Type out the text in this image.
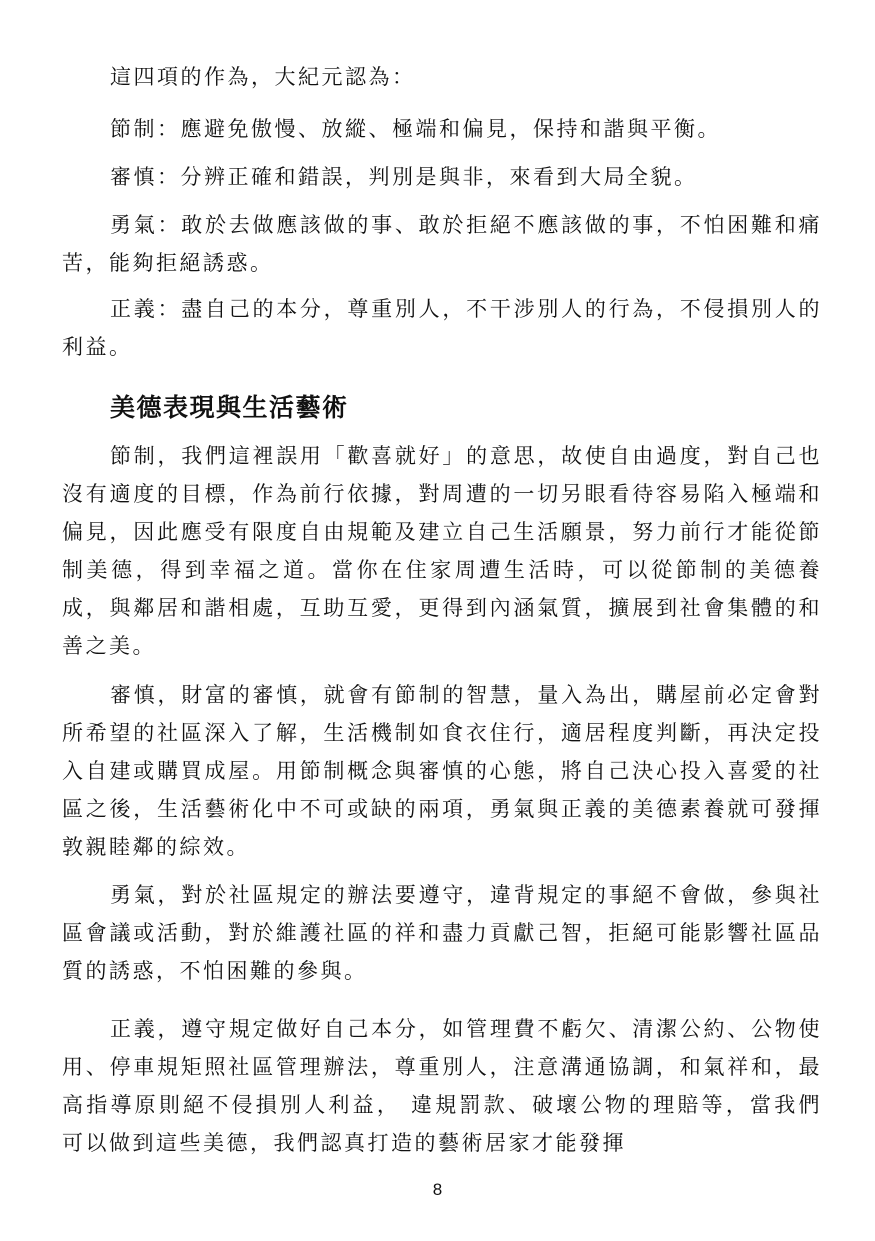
這四項的作為，大紀元認為：

節制：應避免傲慢、放縱、極端和偏見，保持和諧與平衡。

審慎：分辨正確和錯誤，判別是與非，來看到大局全貌。

勇氣：敢於去做應該做的事、敢於拒絕不應該做的事，不怕困難和痛苦，能夠拒絕誘惑。

正義：盡自己的本分，尊重別人，不干涉別人的行為，不侵損別人的利益。

美德表現與生活藝術

節制，我們這裡誤用「歡喜就好」的意思，故使自由過度，對自己也沒有適度的目標，作為前行依據，對周遭的一切另眼看待容易陷入極端和偏見，因此應受有限度自由規範及建立自己生活願景，努力前行才能從節制美德，得到幸福之道。當你在住家周遭生活時，可以從節制的美德養成，與鄰居和諧相處，互助互愛，更得到內涵氣質，擴展到社會集體的和善之美。

審慎，財富的審慎，就會有節制的智慧，量入為出，購屋前必定會對所希望的社區深入了解，生活機制如食衣住行，適居程度判斷，再決定投入自建或購買成屋。用節制概念與審慎的心態，將自己決心投入喜愛的社區之後，生活藝術化中不可或缺的兩項，勇氣與正義的美德素養就可發揮敦親睦鄰的綜效。

勇氣，對於社區規定的辦法要遵守，違背規定的事絕不會做，參與社區會議或活動，對於維護社區的祥和盡力貢獻己智，拒絕可能影響社區品質的誘惑，不怕困難的參與。

正義，遵守規定做好自己本分，如管理費不虧欠、清潔公約、公物使用、停車規矩照社區管理辦法，尊重別人，注意溝通協調，和氣祥和，最高指導原則絕不侵損別人利益， 違規罰款、破壞公物的理賠等，當我們可以做到這些美德，我們認真打造的藝術居家才能發揮

8
